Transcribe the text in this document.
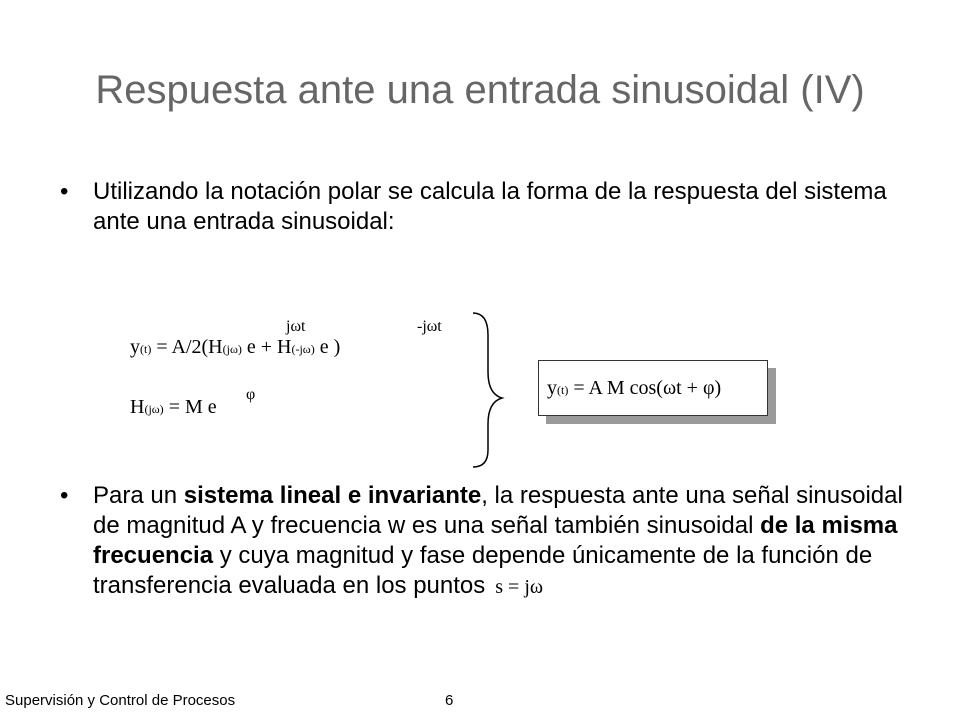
Respuesta ante una entrada sinusoidal (IV)
• Utilizando la notación polar se calcula la forma de la respuesta del sistema ante una entrada sinusoidal:
y(t) = A/2(H(jω) e + H(-jω) e )
jωt	-jωt
H(jω) = M e
φ	y(t) = A M cos(ωt + φ)
• Para un sistema lineal e invariante, la respuesta ante una señal sinusoidal de magnitud A y frecuencia w es una señal también sinusoidal de la misma frecuencia y cuya magnitud y fase depende únicamente de la función de transferencia evaluada en los puntos s = jω
Supervisión y Control de Procesos	6
